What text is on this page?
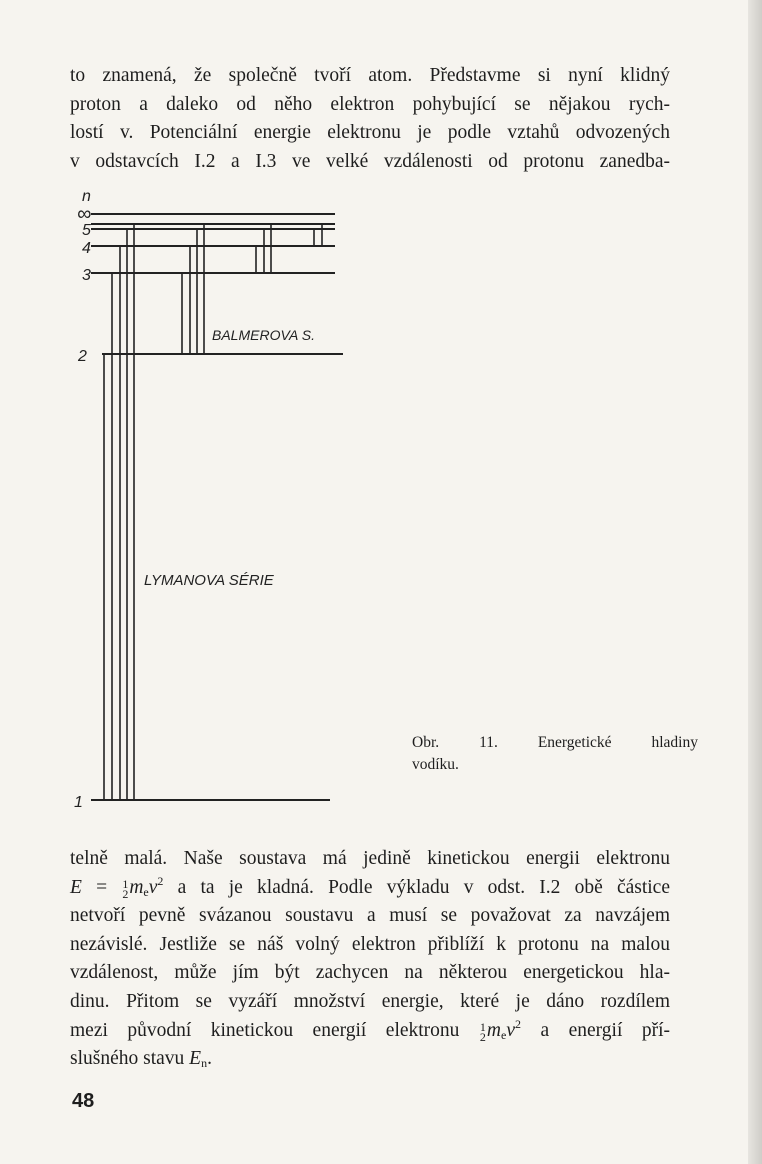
to znamená, že společně tvoří atom. Představme si nyní klidný
proton a daleko od něho elektron pohybující se nějakou rych-
lostí v. Potenciální energie elektronu je podle vztahů odvozených
v odstavcích I.2 a I.3 ve velké vzdálenosti od protonu zanedba-
n
∞
5
4
3
2
1
BALMEROVA S.
LYMANOVA SÉRIE
Obr. 11. Energetické hladiny
vodíku.
telně malá. Naše soustava má jedině kinetickou energii elektronu
E = 1
2 $m_ev^2$ a ta je kladná. Podle výkladu v odst. I.2 obě částice
netvoří pevně svázanou soustavu a musí se považovat za navzájem
nezávislé. Jestliže se náš volný elektron přiblíží k protonu na malou
vzdálenost, může jím být zachycen na některou energetickou hla-
dinu. Přitom se vyzáří množství energie, které je dáno rozdílem
mezi původní kinetickou energií elektronu 1
2 $m_ev^2$ a energií pří-
slušného stavu $E_n$.
48
